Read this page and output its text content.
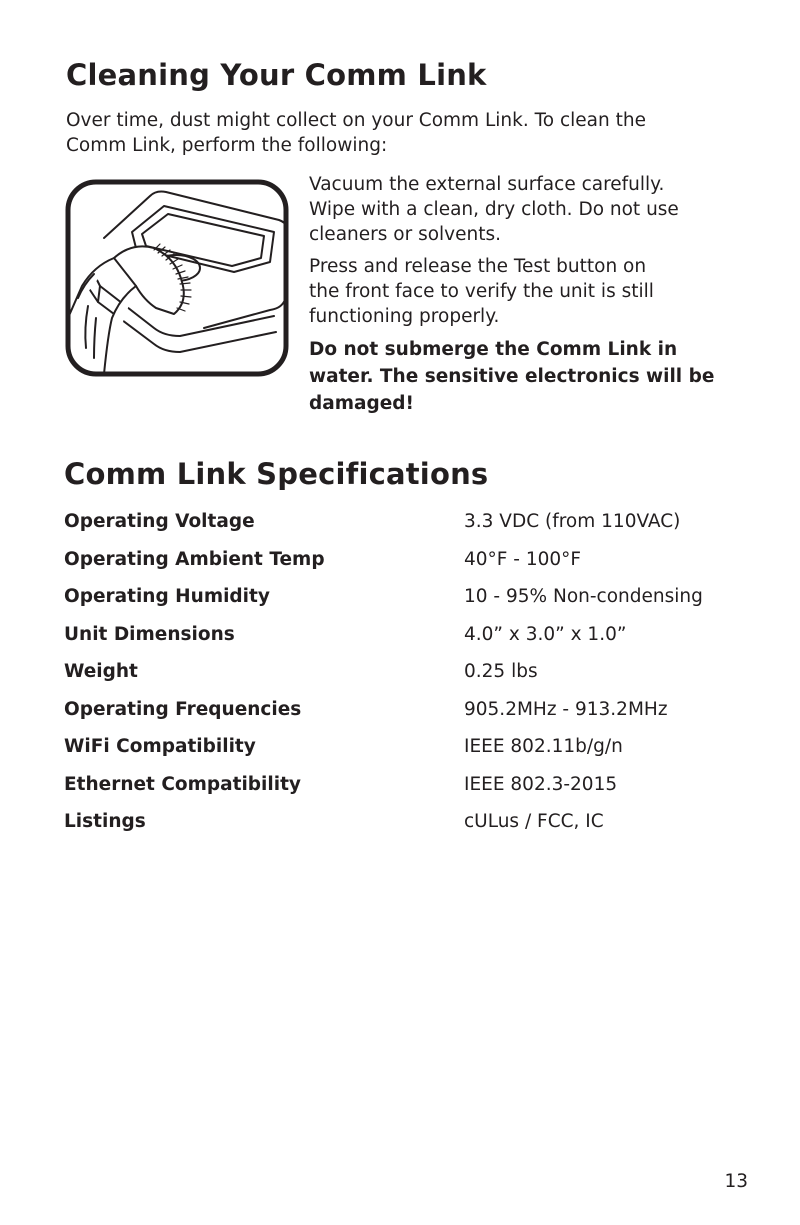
Cleaning Your Comm Link

Over time, dust might collect on your Comm Link. To clean the
Comm Link, perform the following:

Vacuum the external surface carefully.
Wipe with a clean, dry cloth. Do not use
cleaners or solvents.

Press and release the Test button on
the front face to verify the unit is still
functioning properly.

Do not submerge the Comm Link in
water. The sensitive electronics will be
damaged!

Comm Link Specifications
Operating Voltage	3.3 VDC (from 110VAC)
Operating Ambient Temp	40°F - 100°F
Operating Humidity	10 - 95% Non-condensing
Unit Dimensions	4.0” x 3.0” x 1.0”
Weight	0.25 lbs
Operating Frequencies	905.2MHz - 913.2MHz
WiFi Compatibility	IEEE 802.11b/g/n
Ethernet Compatibility	IEEE 802.3-2015
Listings	cULus / FCC, IC
13
